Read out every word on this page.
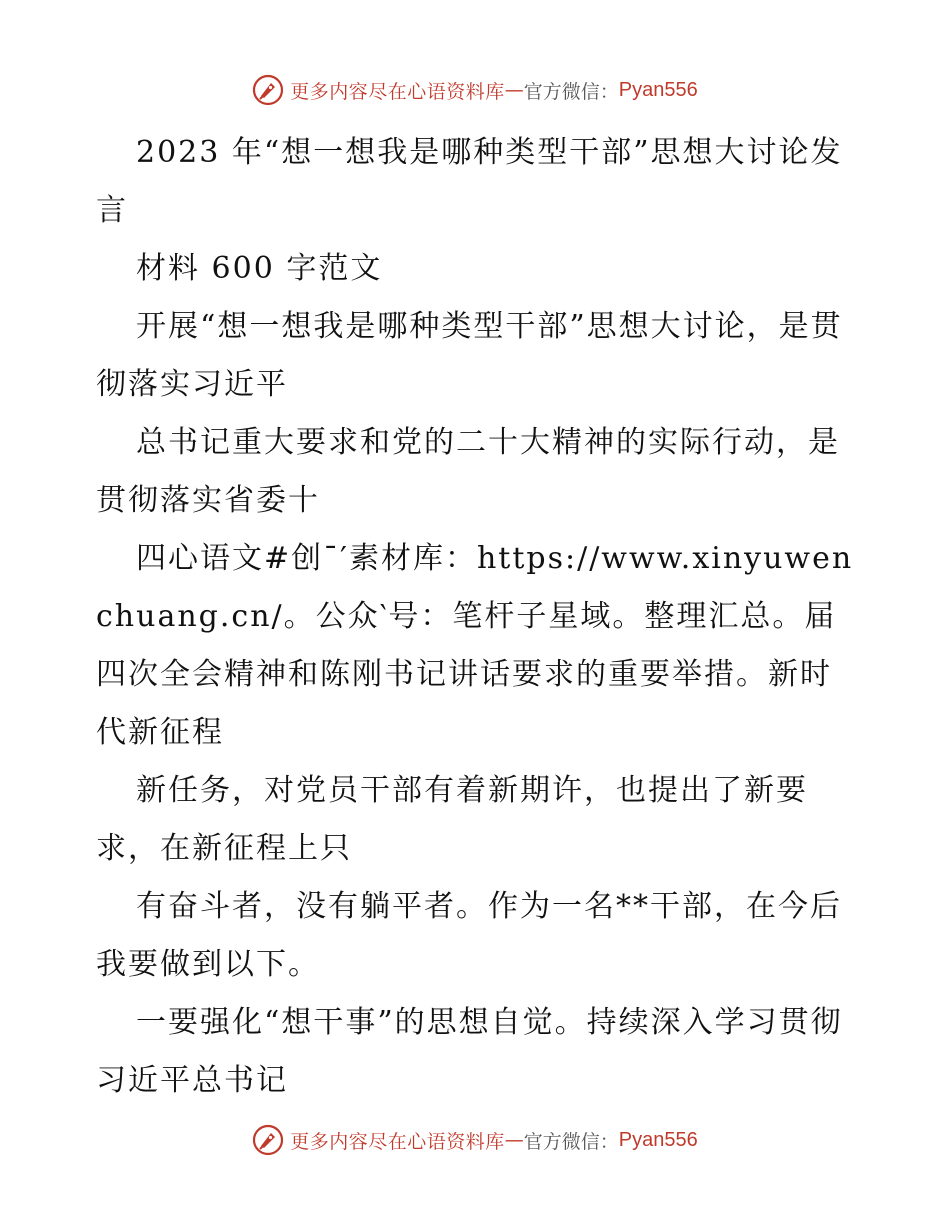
更多内容尽在心语资料库 — 官方微信： Pyan556

2023 年“想一想我是哪种类型干部”思想大讨论发言

材料 600 字范文

开展“想一想我是哪种类型干部”思想大讨论，是贯彻落实习近平

总书记重大要求和党的二十大精神的实际行动，是贯彻落实省委十

四心语文#创¯′素材库：https://www.xinyuwenchuang.cn/。公众‵号：笔杆子星域。整理汇总。届四次全会精神和陈刚书记讲话要求的重要举措。新时代新征程

新任务，对党员干部有着新期许，也提出了新要求，在新征程上只

有奋斗者，没有躺平者。作为一名**干部，在今后我要做到以下。

一要强化“想干事”的思想自觉。持续深入学习贯彻习近平总书记

更多内容尽在心语资料库 — 官方微信： Pyan556
